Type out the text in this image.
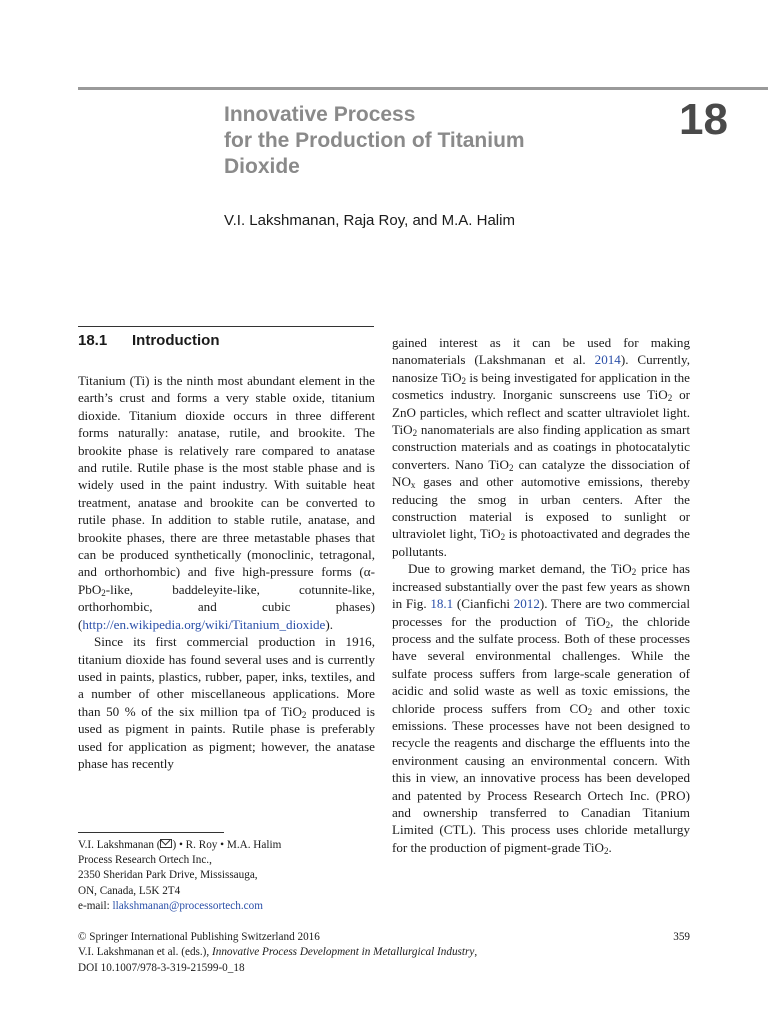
Innovative Process
for the Production of Titanium
Dioxide
18
V.I. Lakshmanan, Raja Roy, and M.A. Halim
18.1 Introduction

Titanium (Ti) is the ninth most abundant element in the earth’s crust and forms a very stable oxide, titanium dioxide. Titanium dioxide occurs in three different forms naturally: anatase, rutile, and brookite. The brookite phase is relatively rare compared to anatase and rutile. Rutile phase is the most stable phase and is widely used in the paint industry. With suitable heat treatment, anatase and brookite can be converted to rutile phase. In addition to stable rutile, anatase, and brookite phases, there are three metastable phases that can be produced synthetically (monoclinic, tetragonal, and orthorhombic) and five high-pressure forms (α-PbO$_2$-like, baddeleyite-like, cotunnite-like, orthorhombic, and cubic phases) (http://en.wikipedia.org/wiki/Titanium_dioxide).

Since its first commercial production in 1916, titanium dioxide has found several uses and is currently used in paints, plastics, rubber, paper, inks, textiles, and a number of other miscellaneous applications. More than 50 % of the six million tpa of TiO$_2$ produced is used as pigment in paints. Rutile phase is preferably used for application as pigment; however, the anatase phase has recently

gained interest as it can be used for making nanomaterials (Lakshmanan et al. 2014). Currently, nanosize TiO$_2$ is being investigated for application in the cosmetics industry. Inorganic sunscreens use TiO$_2$ or ZnO particles, which reflect and scatter ultraviolet light. TiO$_2$ nanomaterials are also finding application as smart construction materials and as coatings in photocatalytic converters. Nano TiO$_2$ can catalyze the dissociation of $NO_x$ gases and other automotive emissions, thereby reducing the smog in urban centers. After the construction material is exposed to sunlight or ultraviolet light, TiO$_2$ is photoactivated and degrades the pollutants.

Due to growing market demand, the TiO$_2$ price has increased substantially over the past few years as shown in Fig. 18.1 (Cianfichi 2012). There are two commercial processes for the production of TiO$_2$, the chloride process and the sulfate process. Both of these processes have several environmental challenges. While the sulfate process suffers from large-scale generation of acidic and solid waste as well as toxic emissions, the chloride process suffers from $CO_2$ and other toxic emissions. These processes have not been designed to recycle the reagents and discharge the effluents into the environment causing an environmental concern. With this in view, an innovative process has been developed and patented by Process Research Ortech Inc. (PRO) and ownership transferred to Canadian Titanium Limited (CTL). This process uses chloride metallurgy for the production of pigment-grade TiO$_2$.

V.I. Lakshmanan ( ) • R. Roy • M.A. Halim
Process Research Ortech Inc.,
2350 Sheridan Park Drive, Mississauga,
ON, Canada, L5K 2T4
e-mail: llakshmanan@processortech.com
© Springer International Publishing Switzerland 2016	359
V.I. Lakshmanan et al. (eds.), Innovative Process Development in Metallurgical Industry,
DOI 10.1007/978-3-319-21599-0_18
